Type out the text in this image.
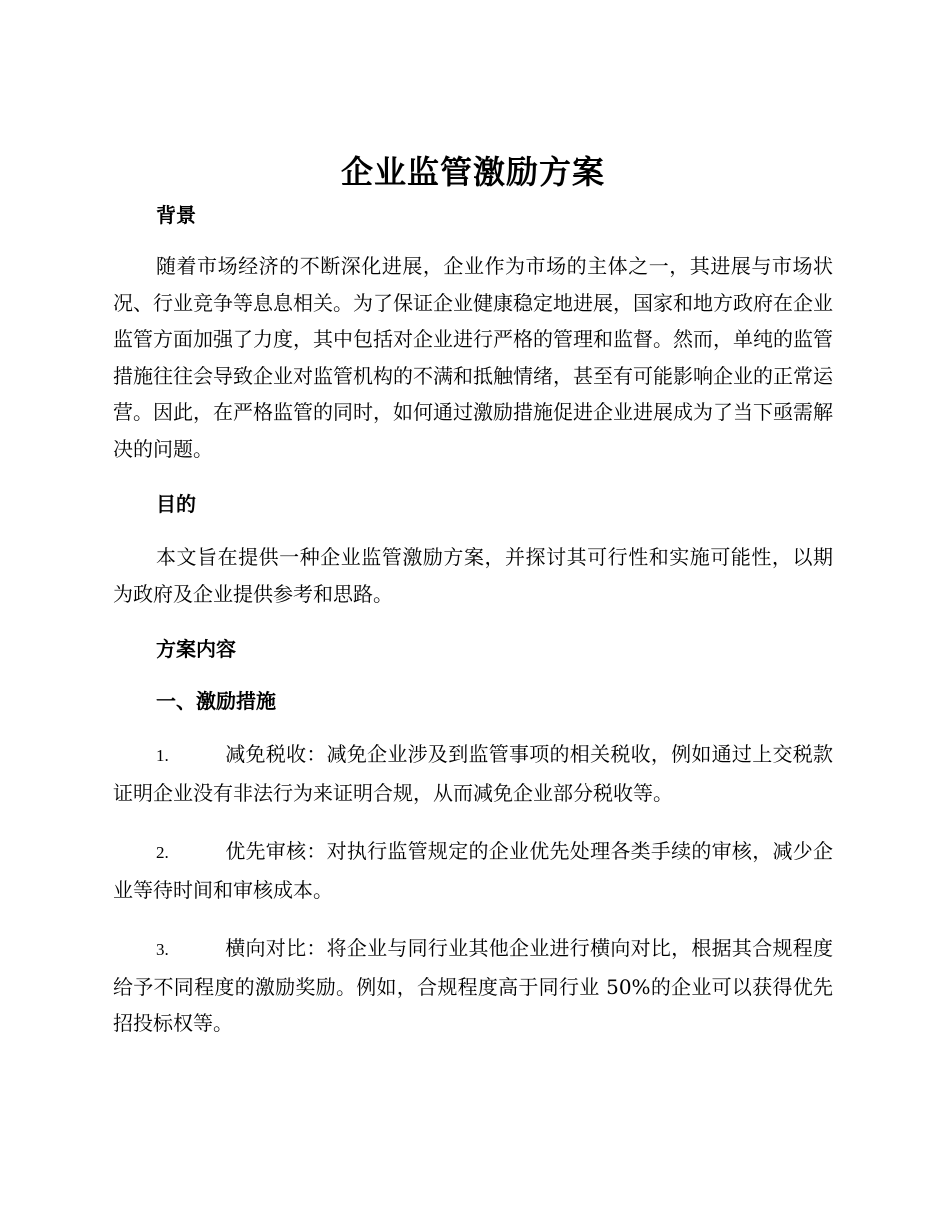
企业监管激励方案
背景

随着市场经济的不断深化进展，企业作为市场的主体之一，其进展与市场状况、行业竞争等息息相关。为了保证企业健康稳定地进展，国家和地方政府在企业监管方面加强了力度，其中包括对企业进行严格的管理和监督。然而，单纯的监管措施往往会导致企业对监管机构的不满和抵触情绪，甚至有可能影响企业的正常运营。因此，在严格监管的同时，如何通过激励措施促进企业进展成为了当下亟需解决的问题。

目的

本文旨在提供一种企业监管激励方案，并探讨其可行性和实施可能性，以期为政府及企业提供参考和思路。

方案内容
一、激励措施

1.	减免税收：减免企业涉及到监管事项的相关税收，例如通过上交税款证明企业没有非法行为来证明合规，从而减免企业部分税收等。

2.	优先审核：对执行监管规定的企业优先处理各类手续的审核，减少企业等待时间和审核成本。

3.	横向对比：将企业与同行业其他企业进行横向对比，根据其合规程度给予不同程度的激励奖励。例如，合规程度高于同行业 50%的企业可以获得优先招投标权等。
